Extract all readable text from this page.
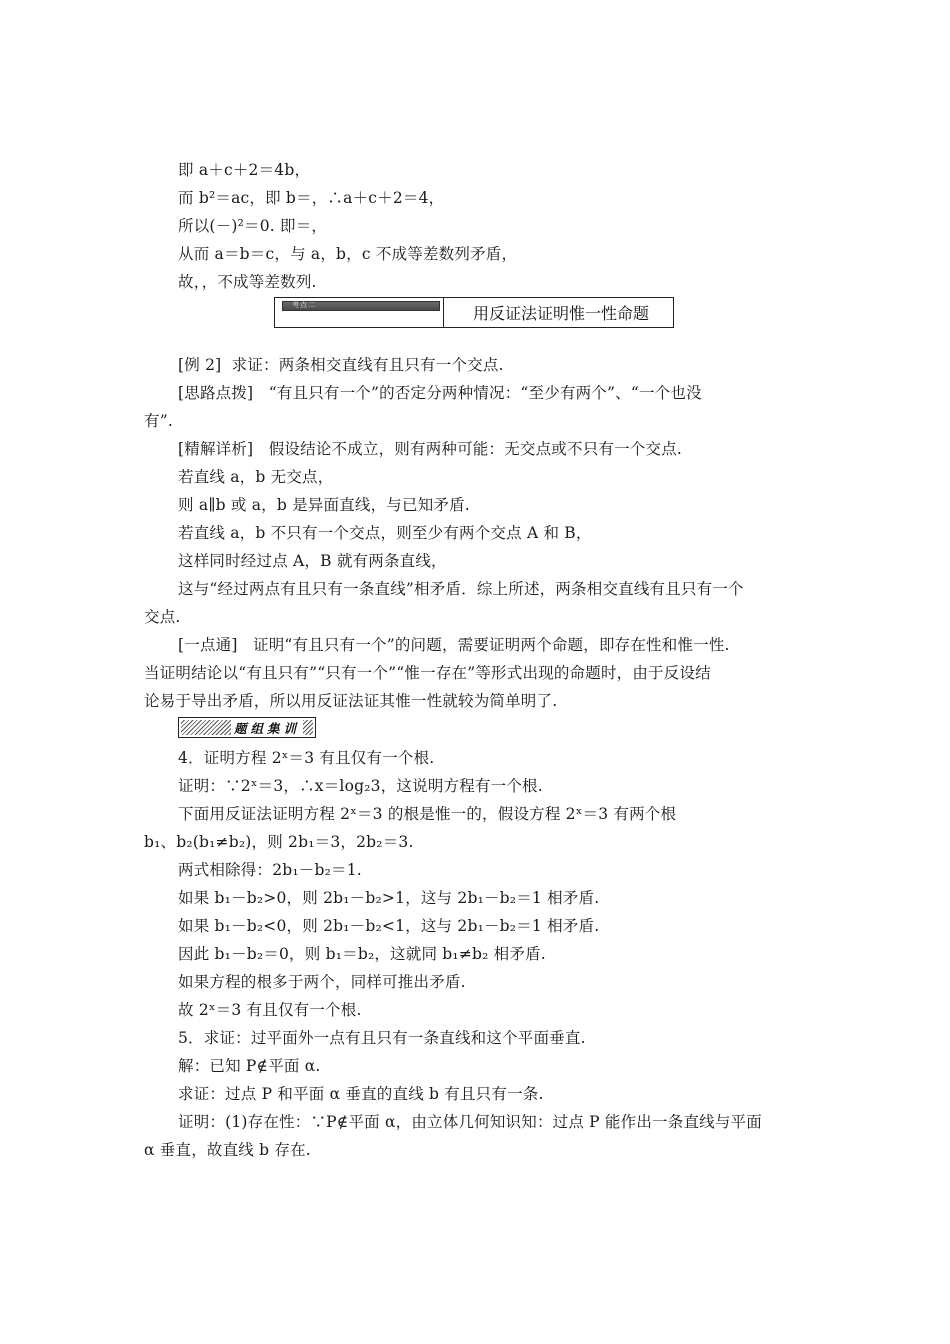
即 a＋c＋2＝4b，
而 b²＝ac，即 b＝，∴a＋c＋2＝4，
所以(－)²＝0. 即＝，
从而 a＝b＝c，与 a，b，c 不成等差数列矛盾，
故，，不成等差数列.
考点二	用反证法证明惟一性命题
[例 2] 求证：两条相交直线有且只有一个交点.
[思路点拨] “有且只有一个”的否定分两种情况：“至少有两个”、“一个也没
有”.
[精解详析] 假设结论不成立，则有两种可能：无交点或不只有一个交点.
若直线 a，b 无交点，
则 a∥b 或 a，b 是异面直线，与已知矛盾.
若直线 a，b 不只有一个交点，则至少有两个交点 A 和 B，
这样同时经过点 A，B 就有两条直线，
这与“经过两点有且只有一条直线”相矛盾．综上所述，两条相交直线有且只有一个
交点.
[一点通] 证明“有且只有一个”的问题，需要证明两个命题，即存在性和惟一性.
当证明结论以“有且只有”“只有一个”“惟一存在”等形式出现的命题时，由于反设结
论易于导出矛盾，所以用反证法证其惟一性就较为简单明了.
题组集训
4．证明方程 2ˣ＝3 有且仅有一个根.
证明：∵2ˣ＝3，∴x＝log₂3，这说明方程有一个根.
下面用反证法证明方程 2ˣ＝3 的根是惟一的，假设方程 2ˣ＝3 有两个根
b₁、b₂(b₁≠b₂)，则 2b₁＝3，2b₂＝3.
两式相除得：2b₁－b₂＝1.
如果 b₁－b₂>0，则 2b₁－b₂>1，这与 2b₁－b₂＝1 相矛盾.
如果 b₁－b₂<0，则 2b₁－b₂<1，这与 2b₁－b₂＝1 相矛盾.
因此 b₁－b₂＝0，则 b₁＝b₂，这就同 b₁≠b₂ 相矛盾.
如果方程的根多于两个，同样可推出矛盾.
故 2ˣ＝3 有且仅有一个根.
5．求证：过平面外一点有且只有一条直线和这个平面垂直.
解：已知 P∉平面 α.
求证：过点 P 和平面 α 垂直的直线 b 有且只有一条.
证明：(1)存在性：∵P∉平面 α，由立体几何知识知：过点 P 能作出一条直线与平面
α 垂直，故直线 b 存在.
